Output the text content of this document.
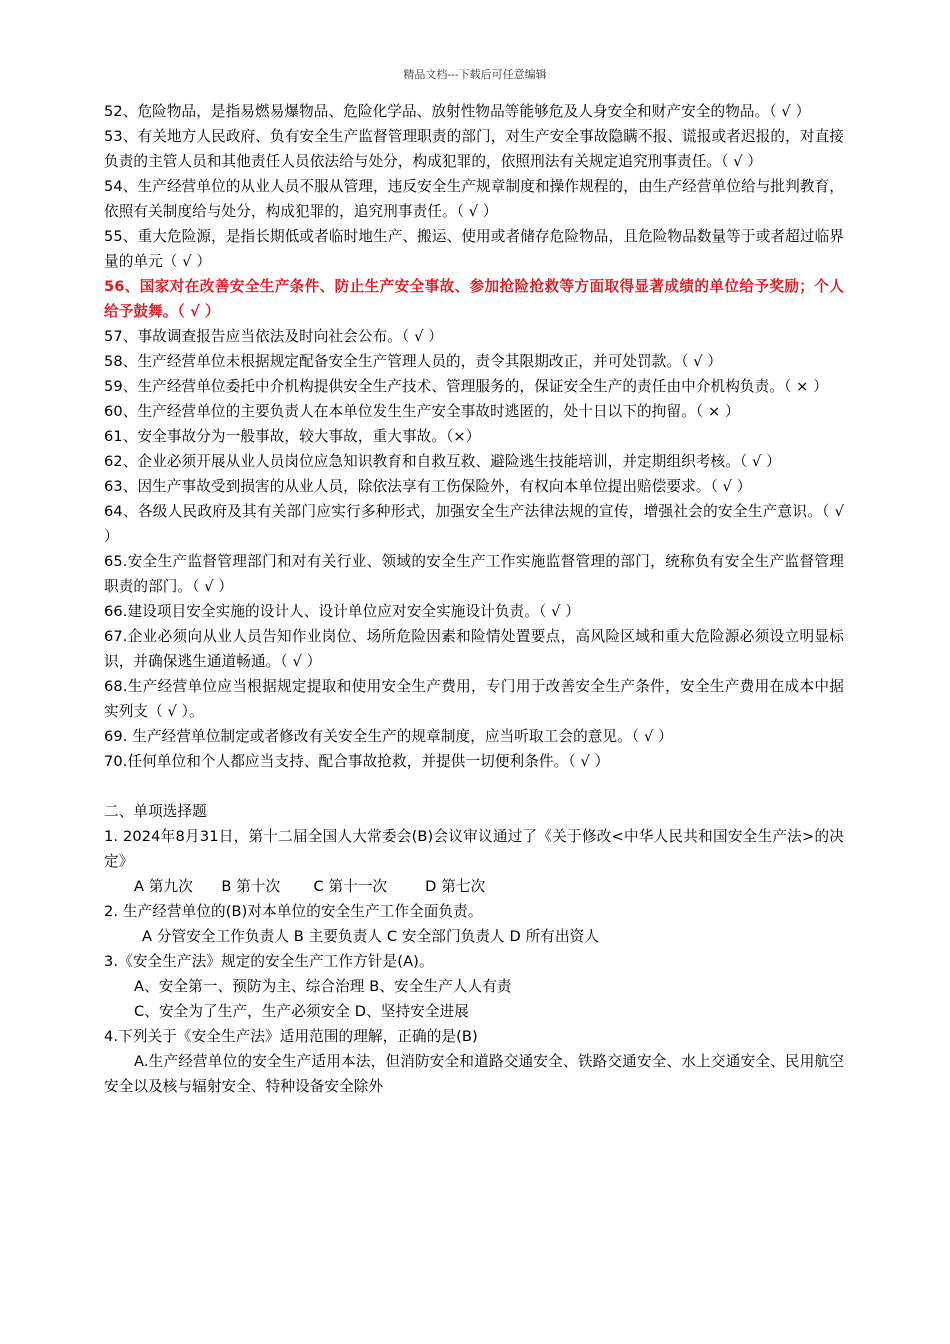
精品文档---下载后可任意编辑

52、危险物品，是指易燃易爆物品、危险化学品、放射性物品等能够危及人身安全和财产安全的物品。（ √ ）

53、有关地方人民政府、负有安全生产监督管理职责的部门，对生产安全事故隐瞒不报、谎报或者迟报的，对直接负责的主管人员和其他责任人员依法给与处分，构成犯罪的，依照刑法有关规定追究刑事责任。（ √ ）

54、生产经营单位的从业人员不服从管理，违反安全生产规章制度和操作规程的，由生产经营单位给与批判教育，依照有关制度给与处分，构成犯罪的，追究刑事责任。（ √ ）

55、重大危险源，是指长期低或者临时地生产、搬运、使用或者储存危险物品，且危险物品数量等于或者超过临界量的单元（ √ ）

56、国家对在改善安全生产条件、防止生产安全事故、参加抢险抢救等方面取得显著成绩的单位给予奖励；个人给予鼓舞。（ √ ）

57、事故调查报告应当依法及时向社会公布。（ √ ）

58、生产经营单位未根据规定配备安全生产管理人员的，责令其限期改正，并可处罚款。（ √ ）

59、生产经营单位委托中介机构提供安全生产技术、管理服务的，保证安全生产的责任由中介机构负责。（ × ）

60、生产经营单位的主要负责人在本单位发生生产安全事故时逃匿的，处十日以下的拘留。（ × ）

61、安全事故分为一般事故，较大事故，重大事故。（×）

62、企业必须开展从业人员岗位应急知识教育和自救互救、避险逃生技能培训，并定期组织考核。（ √ ）

63、因生产事故受到损害的从业人员，除依法享有工伤保险外，有权向本单位提出赔偿要求。（ √ ）

64、各级人民政府及其有关部门应实行多种形式，加强安全生产法律法规的宣传，增强社会的安全生产意识。（ √ ）

65.安全生产监督管理部门和对有关行业、领域的安全生产工作实施监督管理的部门，统称负有安全生产监督管理职责的部门。（ √ ）

66.建设项目安全实施的设计人、设计单位应对安全实施设计负责。（ √ ）

67.企业必须向从业人员告知作业岗位、场所危险因素和险情处置要点，高风险区域和重大危险源必须设立明显标识，并确保逃生通道畅通。（ √ ）

68.生产经营单位应当根据规定提取和使用安全生产费用，专门用于改善安全生产条件，安全生产费用在成本中据实列支（ √ ）。

69. 生产经营单位制定或者修改有关安全生产的规章制度，应当听取工会的意见。（ √ ）

70.任何单位和个人都应当支持、配合事故抢救，并提供一切便利条件。（ √ ）

二、单项选择题

1. 2024年8月31日，第十二届全国人大常委会(B)会议审议通过了《关于修改<中华人民共和国安全生产法>的决定》

A 第九次      B 第十次       C 第十一次        D 第七次

2. 生产经营单位的(B)对本单位的安全生产工作全面负责。

A 分管安全工作负责人 B 主要负责人 C 安全部门负责人 D 所有出资人

3.《安全生产法》规定的安全生产工作方针是(A)。

A、安全第一、预防为主、综合治理 B、安全生产人人有责

C、安全为了生产，生产必须安全 D、坚持安全进展

4.下列关于《安全生产法》适用范围的理解，正确的是(B)

A.生产经营单位的安全生产适用本法，但消防安全和道路交通安全、铁路交通安全、水上交通安全、民用航空安全以及核与辐射安全、特种设备安全除外
